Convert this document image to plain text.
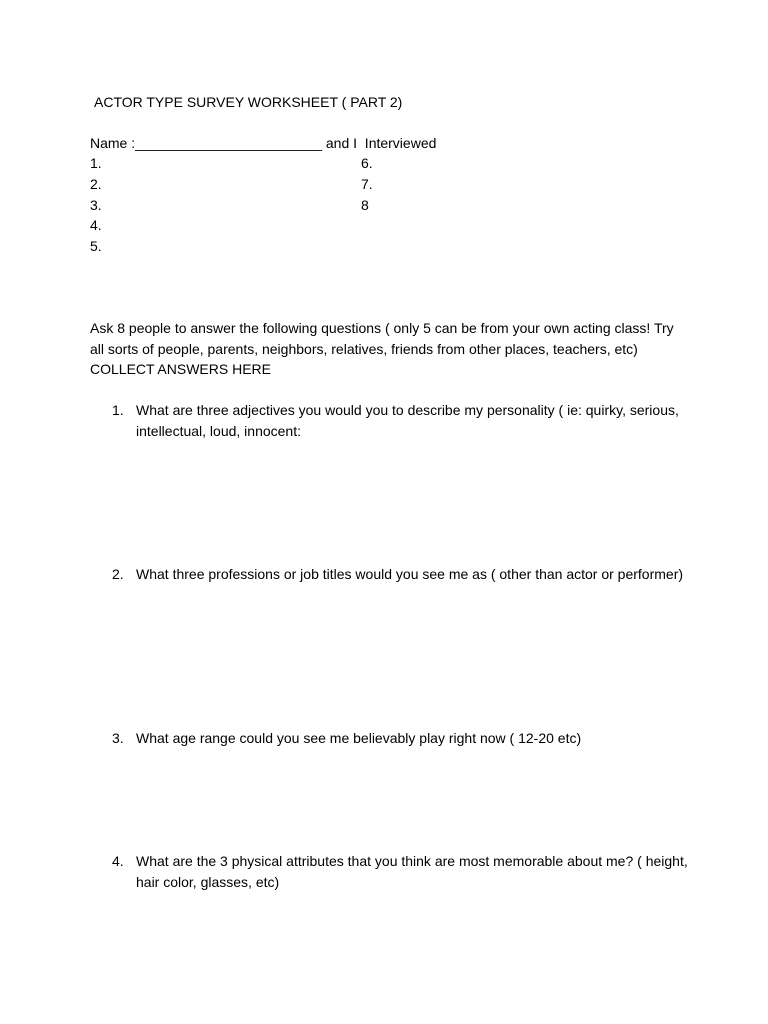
ACTOR TYPE SURVEY WORKSHEET ( PART 2)
Name :________________________ and I  Interviewed
1.
2.
3.
4.
5.
6.
7.
8
Ask 8 people to answer the following questions ( only 5 can be from your own acting class! Try all sorts of people, parents, neighbors, relatives, friends from other places, teachers, etc) COLLECT ANSWERS HERE
1. What are three adjectives you would you to describe my personality ( ie: quirky, serious, intellectual, loud, innocent:
2. What three professions or job titles would you see me as ( other than actor or performer)
3. What age range could you see me believably play right now ( 12-20 etc)
4. What are the 3 physical attributes that you think are most memorable about me? ( height, hair color, glasses, etc)
